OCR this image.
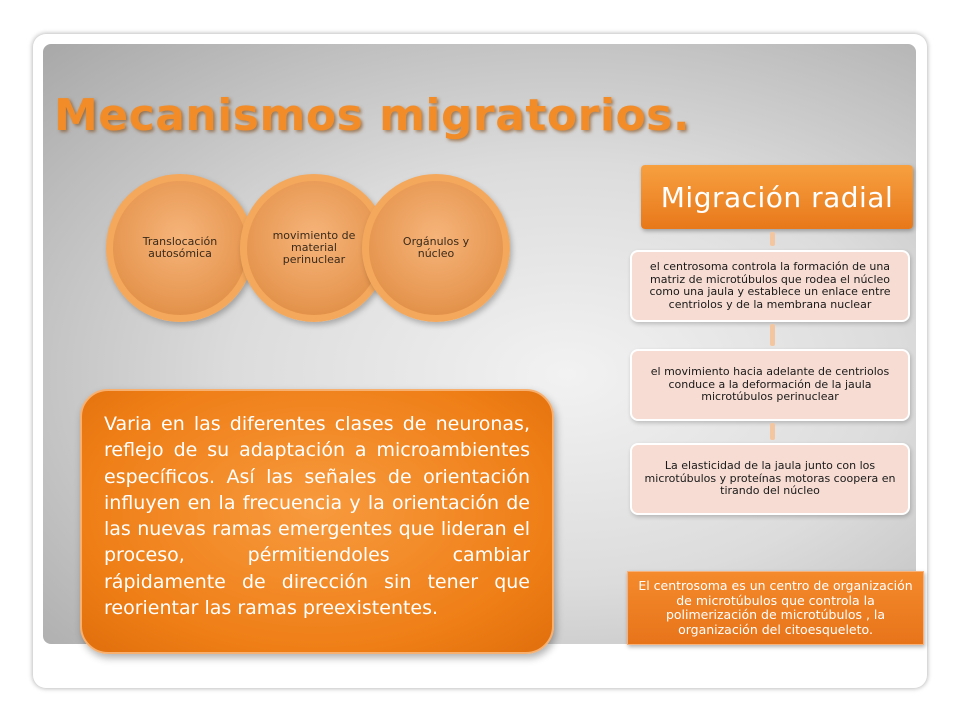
Mecanismos migratorios.
Translocación autosómica
movimiento de material perinuclear
Orgánulos y núcleo
Migración radial
el centrosoma controla la formación de una matriz de microtúbulos que rodea el núcleo como una jaula y establece un enlace entre centriolos y de la membrana nuclear
el movimiento hacia adelante de centriolos conduce a la deformación de la jaula microtúbulos perinuclear
La elasticidad de la jaula junto con los microtúbulos y proteínas motoras coopera en tirando del núcleo

Varia en las diferentes clases de neuronas, reflejo de su adaptación a microambientes específicos. Así las señales de orientación influyen en la frecuencia y la orientación de las nuevas ramas emergentes que lideran el proceso, pérmitiendoles cambiar rápidamente de dirección sin tener que reorientar las ramas preexistentes.

El centrosoma es un centro de organización de microtúbulos que controla la polimerización de microtúbulos , la organización del citoesqueleto.
